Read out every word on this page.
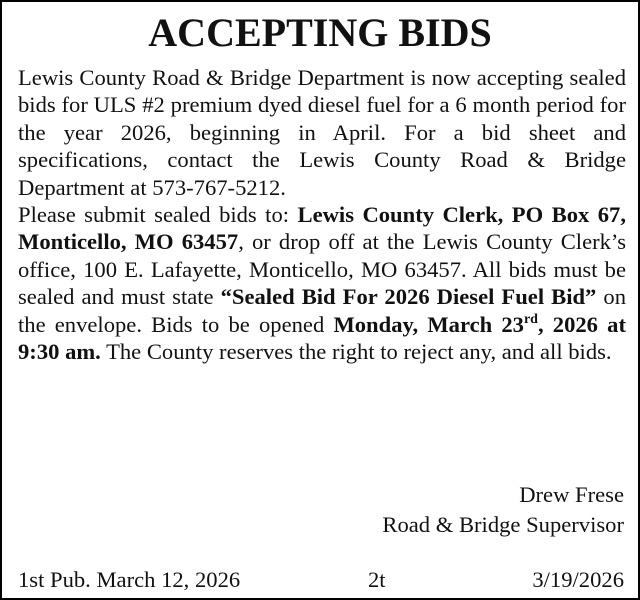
ACCEPTING BIDS

Lewis County Road & Bridge Department is now accepting sealed bids for ULS #2 premium dyed diesel fuel for a 6 month period for the year 2026, beginning in April. For a bid sheet and specifications, contact the Lewis County Road & Bridge Department at 573-767-5212.

Please submit sealed bids to: Lewis County Clerk, PO Box 67, Monticello, MO 63457, or drop off at the Lewis County Clerk’s office, 100 E. Lafayette, Monticello, MO 63457. All bids must be sealed and must state “Sealed Bid For 2026 Diesel Fuel Bid” on the envelope. Bids to be opened Monday, March 23rd, 2026 at 9:30 am. The County reserves the right to reject any, and all bids.

Drew Frese
Road & Bridge Supervisor
1st Pub. March 12, 2026	2t	3/19/2026
